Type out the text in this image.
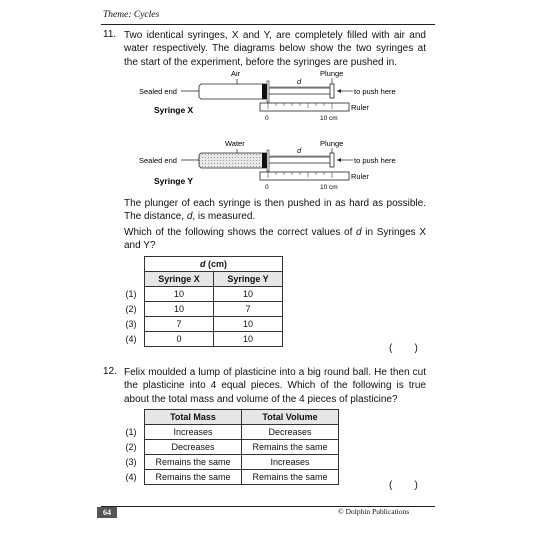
Theme: Cycles
11. Two identical syringes, X and Y, are completely filled with air and water respectively. The diagrams below show the two syringes at the start of the experiment, before the syringes are pushed in.
Air
Sealed end
d
Plunge
to push here
0	10 cm
Ruler
Syringe X
Water
Sealed end
d
Plunge
to push here
0	10 cm
Ruler
Syringe Y
The plunger of each syringe is then pushed in as hard as possible. The distance, d, is measured.
Which of the following shows the correct values of d in Syringes X and Y?
	d (cm)	
	Syringe X	Syringe Y
(1)	10	10
(2)	10	7
(3)	7	10
(4)	0	10
(        )
12. Felix moulded a lump of plasticine into a big round ball. He then cut the plasticine into 4 equal pieces. Which of the following is true about the total mass and volume of the 4 pieces of plasticine?
	Total Mass	Total Volume
(1)	Increases	Decreases
(2)	Decreases	Remains the same
(3)	Remains the same	Increases
(4)	Remains the same	Remains the same
(        )
64	© Dolphin Publications
